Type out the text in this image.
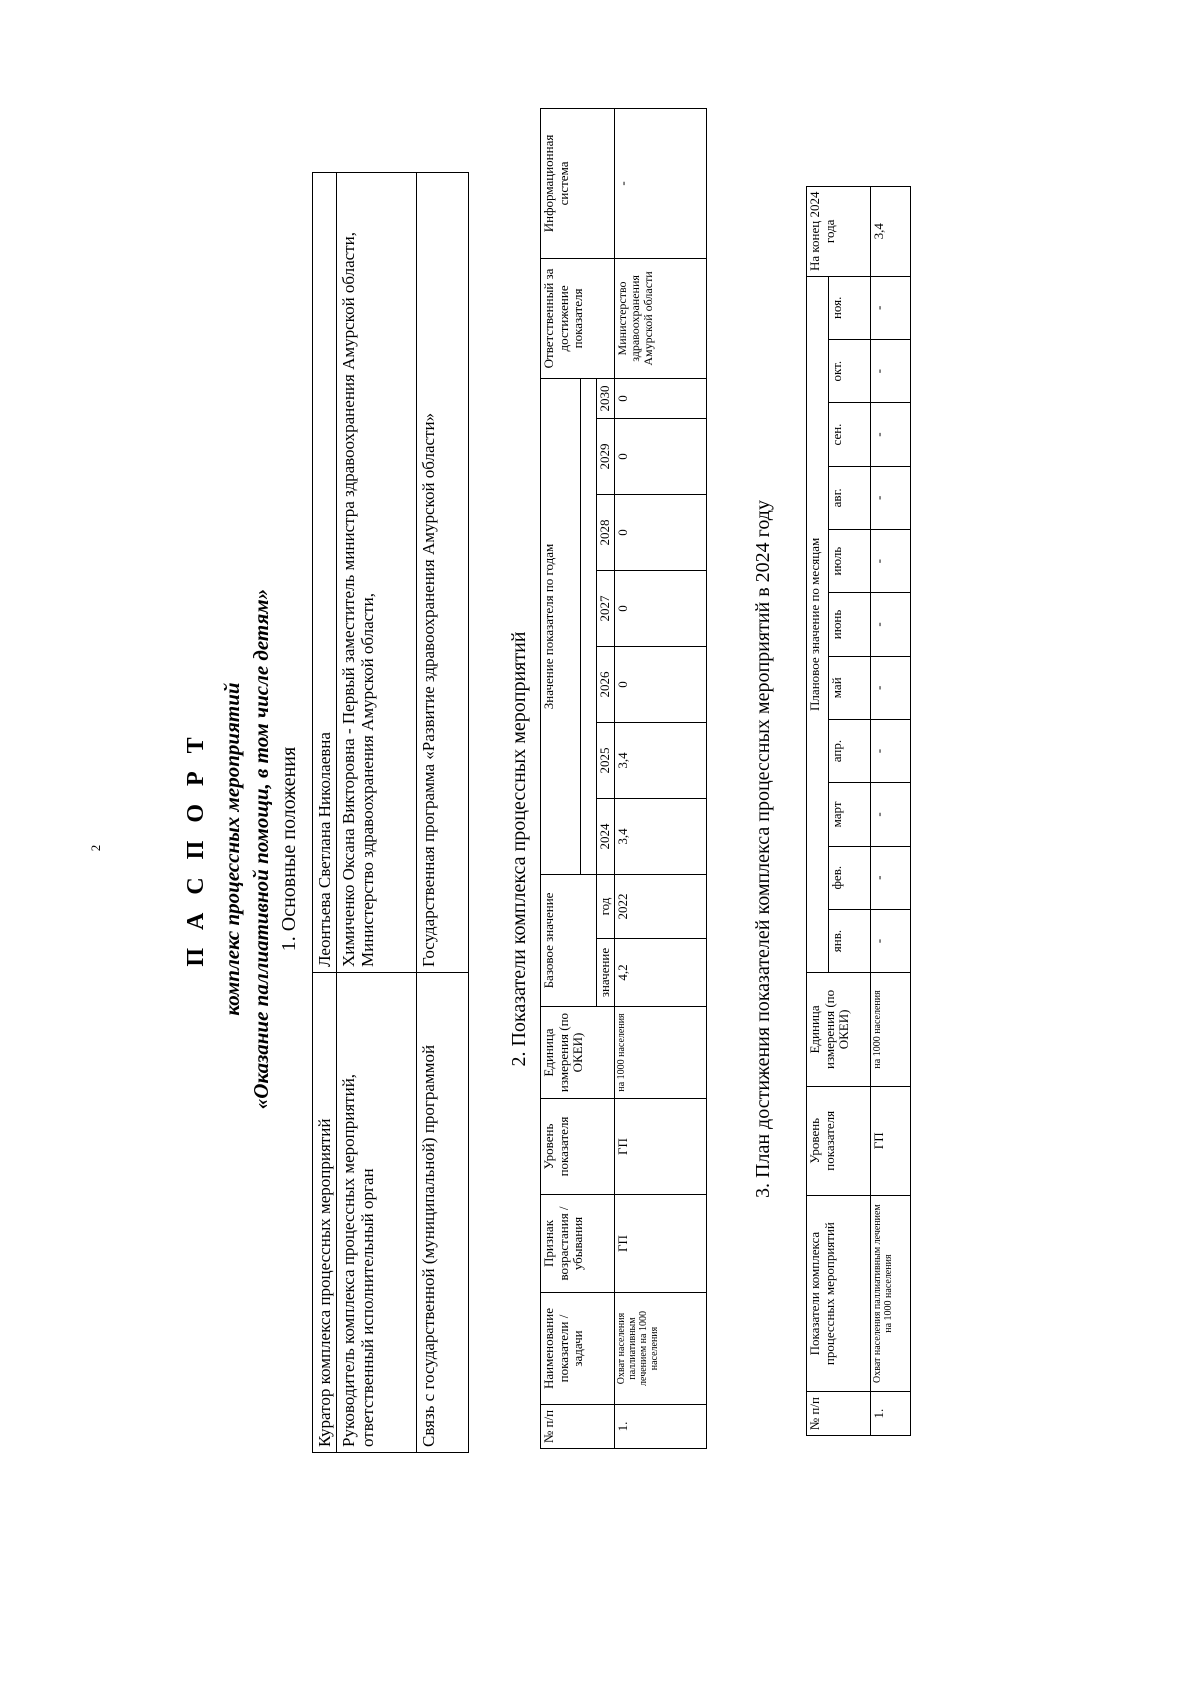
2	П А С П О Р Т комплекс процессных мероприятий «Оказание паллиативной помощи, в том числе детям» 1. Основные положения
Куратор комплекса процессных мероприятий	Леонтьева Светлана Николаевна
Руководитель комплекса процессных мероприятий, ответственный исполнительный орган	Химиченко Оксана Викторовна - Первый заместитель министра здравоохранения Амурской области, Министерство здравоохранения Амурской области,
Связь с государственной (муниципальной) программой	Государственная программа «Развитие здравоохранения Амурской области»	2. Показатели комплекса процессных мероприятий
№ п/п	Наименование показатели /задачи	Признак возрастания / убывания	Уровень показателя	Единица измерения (по ОКЕИ)	Базовое значение		Значение показателя по годам							Ответственный за достижение показателя	Информационная система

					значение	год	2024	2025	2026	2027	2028	2029	2030		
1.	Охват населения паллиативным лечением на 1000 населения	ГП	ГП	на 1000 населения	4,2	2022	3,4	3,4	0	0	0	0	0	Министерство здравоохранения Амурской области	-
3. План достижения показателей комплекса процессных мероприятий в 2024 году
№ п/п	Показатели комплекса процессных мероприятий	Уровень показателя	Единица измерения (по ОКЕИ)	Плановое значение по месяцам											На конец 2024 года
				янв.	фев.	март	апр.	май	июнь	июль	авг.	сен.	окт.	ноя.	
1.	Охват населения паллиативным лечением на 1000 населения	ГП	на 1000 населения	-	-	-	-	-	-	-	-	-	-	-	3,4
